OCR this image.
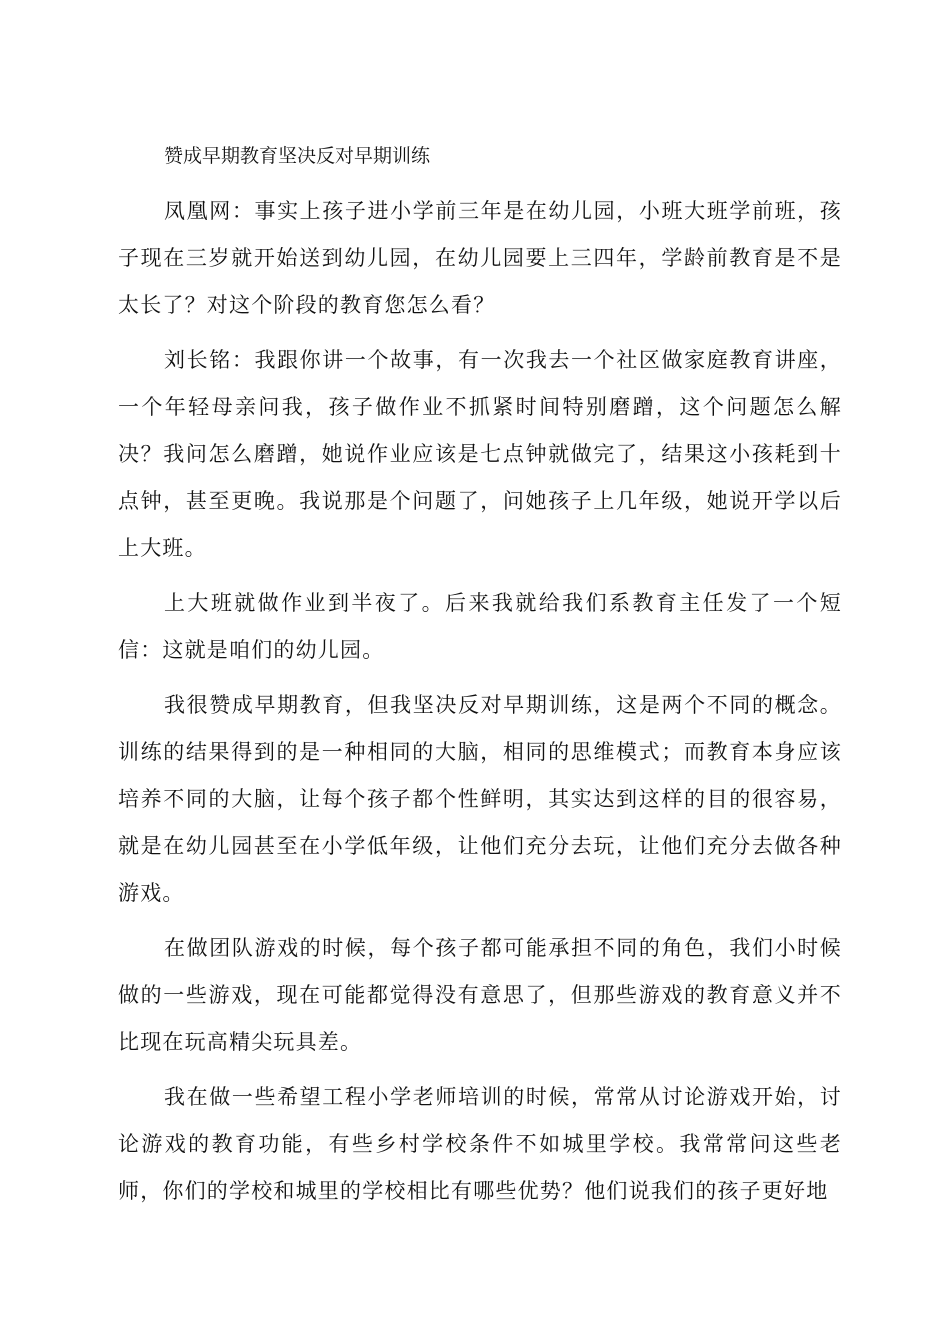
赞成早期教育坚决反对早期训练

凤凰网：事实上孩子进小学前三年是在幼儿园，小班大班学前班，孩子现在三岁就开始送到幼儿园，在幼儿园要上三四年，学龄前教育是不是太长了？对这个阶段的教育您怎么看？

刘长铭：我跟你讲一个故事，有一次我去一个社区做家庭教育讲座，一个年轻母亲问我，孩子做作业不抓紧时间特别磨蹭，这个问题怎么解决？我问怎么磨蹭，她说作业应该是七点钟就做完了，结果这小孩耗到十点钟，甚至更晚。我说那是个问题了，问她孩子上几年级，她说开学以后上大班。

上大班就做作业到半夜了。后来我就给我们系教育主任发了一个短信：这就是咱们的幼儿园。

我很赞成早期教育，但我坚决反对早期训练，这是两个不同的概念。训练的结果得到的是一种相同的大脑，相同的思维模式；而教育本身应该培养不同的大脑，让每个孩子都个性鲜明，其实达到这样的目的很容易，就是在幼儿园甚至在小学低年级，让他们充分去玩，让他们充分去做各种游戏。

在做团队游戏的时候，每个孩子都可能承担不同的角色，我们小时候做的一些游戏，现在可能都觉得没有意思了，但那些游戏的教育意义并不比现在玩高精尖玩具差。

我在做一些希望工程小学老师培训的时候，常常从讨论游戏开始，讨论游戏的教育功能，有些乡村学校条件不如城里学校。我常常问这些老师，你们的学校和城里的学校相比有哪些优势？他们说我们的孩子更好地
